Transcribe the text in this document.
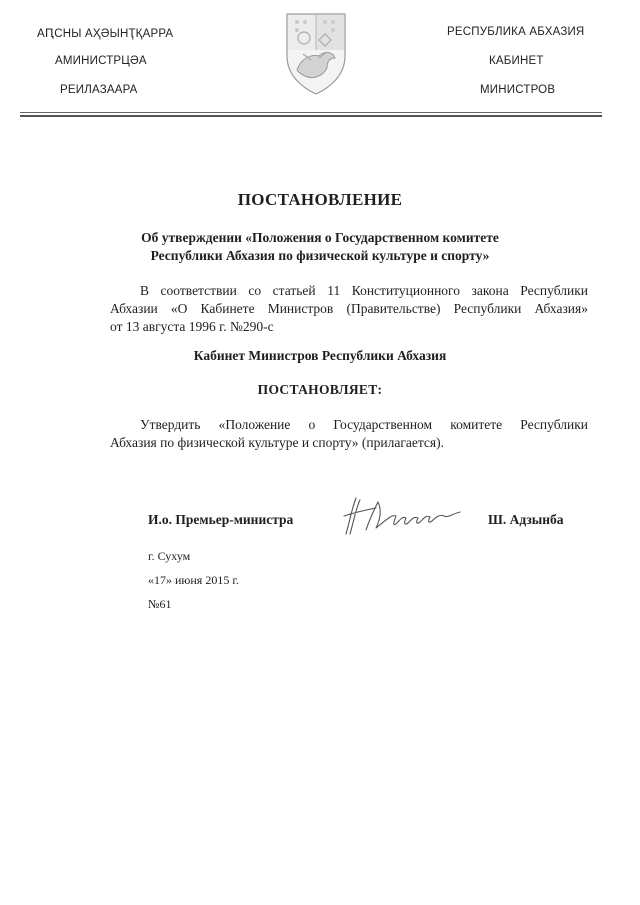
АԤСНЫ АҲӘЫНҬҚАРРА
АМИНИСТРЦӘА
РЕИЛАЗААРА
РЕСПУБЛИКА АБХАЗИЯ
КАБИНЕТ
МИНИСТРОВ
ПОСТАНОВЛЕНИЕ
Об утверждении «Положения о Государственном комитете
Республики Абхазия по физической культуре и спорту»
В соответствии со статьей 11 Конституционного закона Республики
Абхазии «О Кабинете Министров (Правительстве) Республики Абхазия»
от 13 августа 1996 г. №290-с
Кабинет Министров Республики Абхазия
ПОСТАНОВЛЯЕТ:
Утвердить «Положение о Государственном комитете Республики
Абхазия по физической культуре и спорту» (прилагается).
И.о. Премьер-министра	Ш. Адзынба
г. Сухум
«17» июня 2015 г.
№61
